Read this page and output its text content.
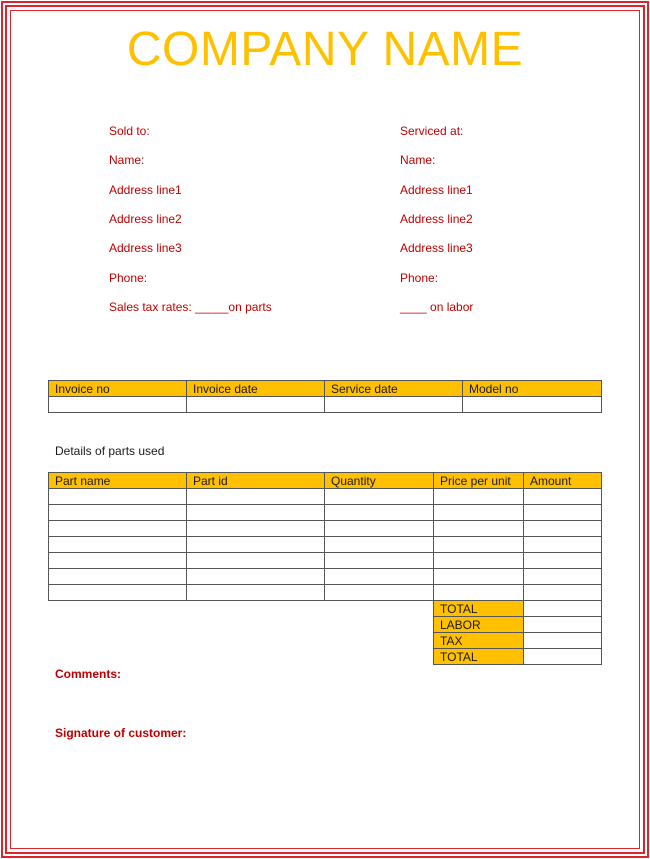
COMPANY NAME
Sold to:
Name:
Address line1
Address line2
Address line3
Phone:
Sales tax rates: _____on parts
Serviced at:
Name:
Address line1
Address line2
Address line3
Phone:
____ on labor
Invoice no	Invoice date	Service date	Model no

Details of parts used
Part name	Part id	Quantity	Price per unit	Amount

TOTAL	
LABOR	
TAX	
TOTAL	
Comments:
Signature of customer:
